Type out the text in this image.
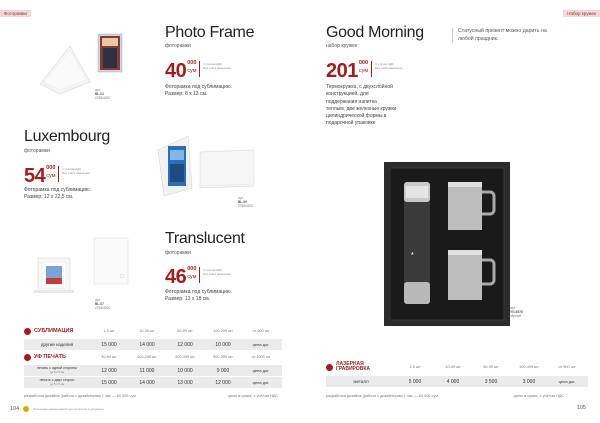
Фоторамки
арт.
BL-02
2788/4200
Photo Frame
фоторамки
40 000
сум
С учётом НДС
Без учёта нанесения
Фоторамка под сублимацию.
Размер: 8 x 13 см.
Luxembourg
фоторамки
54 000
сум
С учётом НДС
Без учёта нанесения
Фоторамка под сублимацию.
Размер: 12 x 22,5 см.	арт.
BL-09
2788/4200
арт.
BL-07
2788/4200
Translucent
фоторамки
46 000
сум
С учётом НДС
Без учёта нанесения
Фоторамка под сублимацию.
Размер: 13 x 18 см.
СУБЛИМАЦИЯ	1-5 шт	10-30 шт	50-99 шт	100-299 шт	от 300 шт
другие изделия	15 000	14 000	12 000	10 000	цена дог.
УФ ПЕЧАТЬ	30-99 шт	100-299 шт	300-499 шт	500-999 шт	от 1000 шт
печать с одной стороны
до 5 x 5 см	12 000	11 000	10 000	9 000	цена дог.
печать с двух сторон
до 5 x 5 см	15 000	14 000	13 000	12 000	цена дог.
разработка дизайна (работа с дизайнером) 1 час — 60 000 сум	цены в сумах, с учётом НДС
104	Изменения наименований цен исключить в документе
Набор кружек
Good Morning
набор кружек
201 000
сум
С учётом НДС
Без учёта нанесения
Термокружка, с двухслойной
конструкцией, для
поддержания напитка
теплым, две железные кружки
цилиндрической формы в
подарочной упаковке
Статусный презент можно дарить на любой праздник.
▲
арт.
YG-6578
чёрный
ЛАЗЕРНАЯ ГРАВИРОВКА	1-9 шт	10-49 шт	50-99 шт	100-499 шт	от 500 шт
металл	5 000	4 000	3 500	3 000	цена дог.
разработка дизайна (работа с дизайнером) 1 час — 60 000 сум	цены в сумах, с учётом НДС
105
